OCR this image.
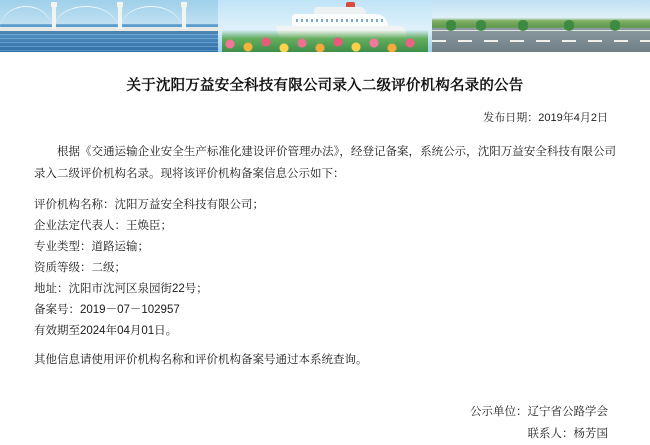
关于沈阳万益安全科技有限公司录入二级评价机构名录的公告
发布日期：2019年4月2日
根据《交通运输企业安全生产标准化建设评价管理办法》，经登记备案，系统公示，沈阳万益安全科技有限公司录入二级评价机构名录。现将该评价机构备案信息公示如下：
评价机构名称：沈阳万益安全科技有限公司；
企业法定代表人：王焕臣；
专业类型：道路运输；
资质等级：二级；
地址：沈阳市沈河区泉园街22号；
备案号：2019－07－102957
有效期至2024年04月01日。
其他信息请使用评价机构名称和评价机构备案号通过本系统查询。
公示单位：辽宁省公路学会
联系人：杨芳国
